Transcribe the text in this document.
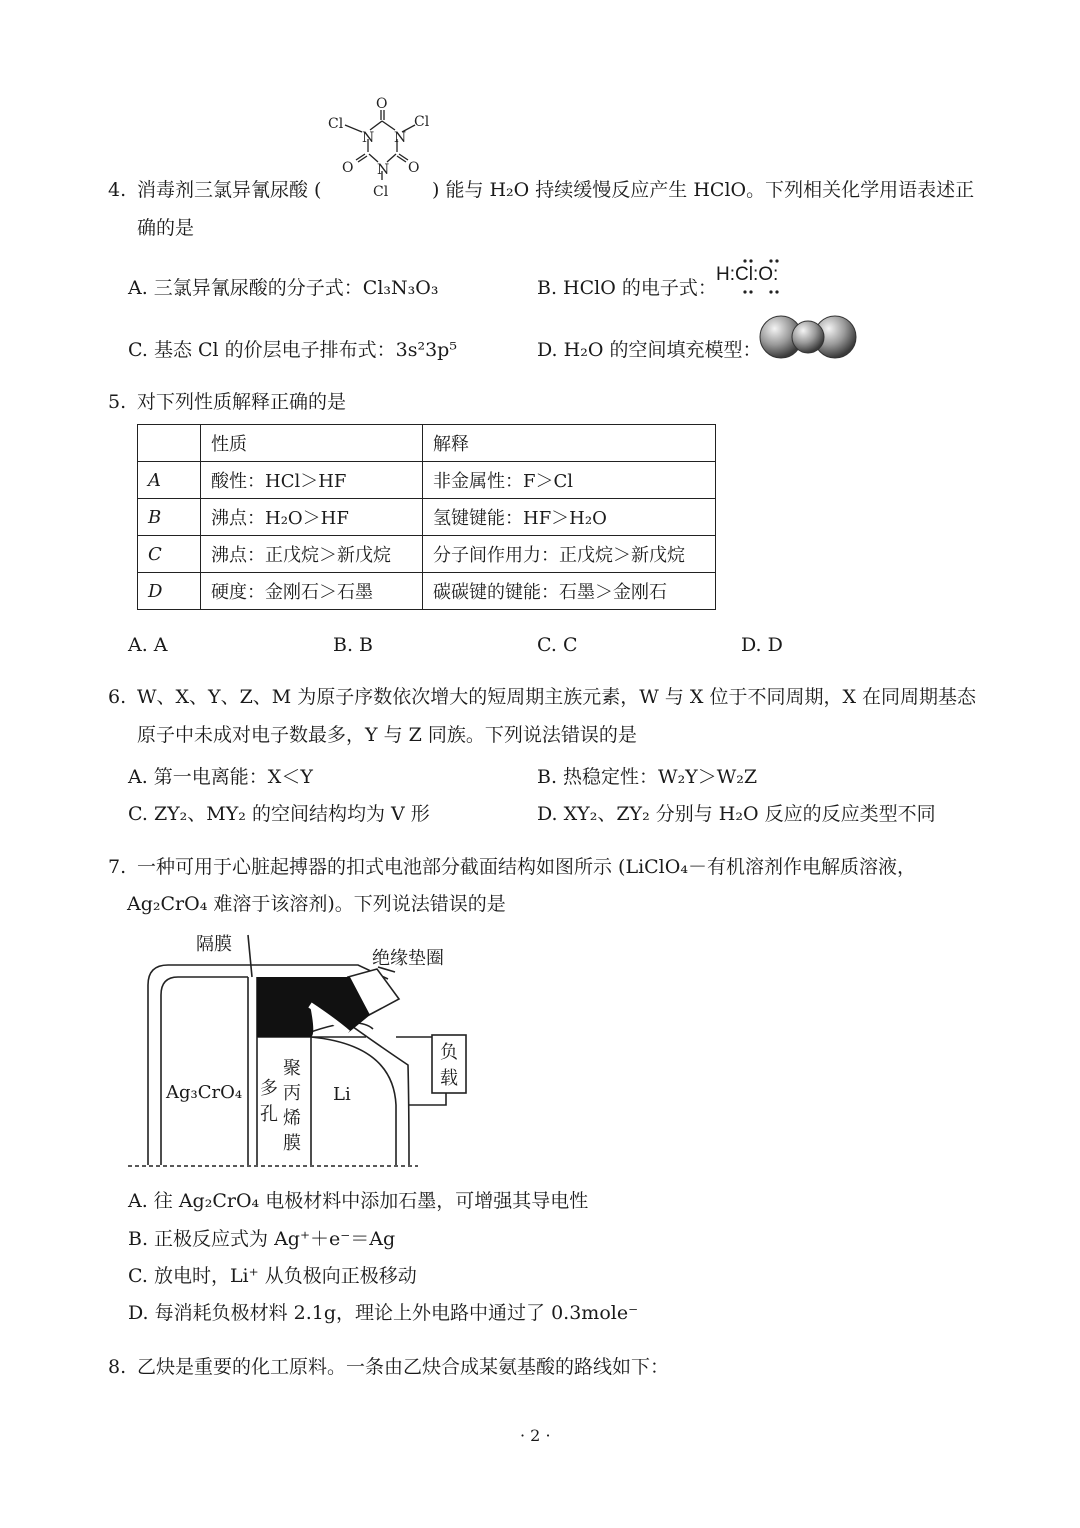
4. 消毒剂三氯异氰尿酸 (
O
Cl	Cl
N N
N
O	O
Cl ) 能与 H₂O 持续缓慢反应产生 HClO。下列相关化学用语表述正
确的是
A. 三氯异氰尿酸的分子式：Cl₃N₃O₃	B. HClO 的电子式：
H:Cl:O:
C. 基态 Cl 的价层电子排布式：3s²3p⁵	D. H₂O 的空间填充模型：
5. 对下列性质解释正确的是
	性质	解释
A	酸性：HCl＞HF	非金属性：F＞Cl
B	沸点：H₂O＞HF	氢键键能：HF＞H₂O
C	沸点：正戊烷＞新戊烷	分子间作用力：正戊烷＞新戊烷
D	硬度：金刚石＞石墨	碳碳键的键能：石墨＞金刚石
A. A	B. B	C. C	D. D
6. W、X、Y、Z、M 为原子序数依次增大的短周期主族元素，W 与 X 位于不同周期，X 在同周期基态
原子中未成对电子数最多，Y 与 Z 同族。下列说法错误的是
A. 第一电离能：X＜Y	B. 热稳定性：W₂Y＞W₂Z
C. ZY₂、MY₂ 的空间结构均为 V 形	D. XY₂、ZY₂ 分别与 H₂O 反应的反应类型不同
7. 一种可用于心脏起搏器的扣式电池部分截面结构如图所示 (LiClO₄－有机溶剂作电解质溶液，
Ag₂CrO₄ 难溶于该溶剂)。下列说法错误的是
隔膜
绝缘垫圈
负载
Ag₃CrO₄ 多孔
聚丙烯膜
Li
A. 往 Ag₂CrO₄ 电极材料中添加石墨，可增强其导电性
B. 正极反应式为 Ag⁺＋e⁻＝Ag
C. 放电时，Li⁺ 从负极向正极移动
D. 每消耗负极材料 2.1g，理论上外电路中通过了 0.3mole⁻
8. 乙炔是重要的化工原料。一条由乙炔合成某氨基酸的路线如下：
· 2 ·
